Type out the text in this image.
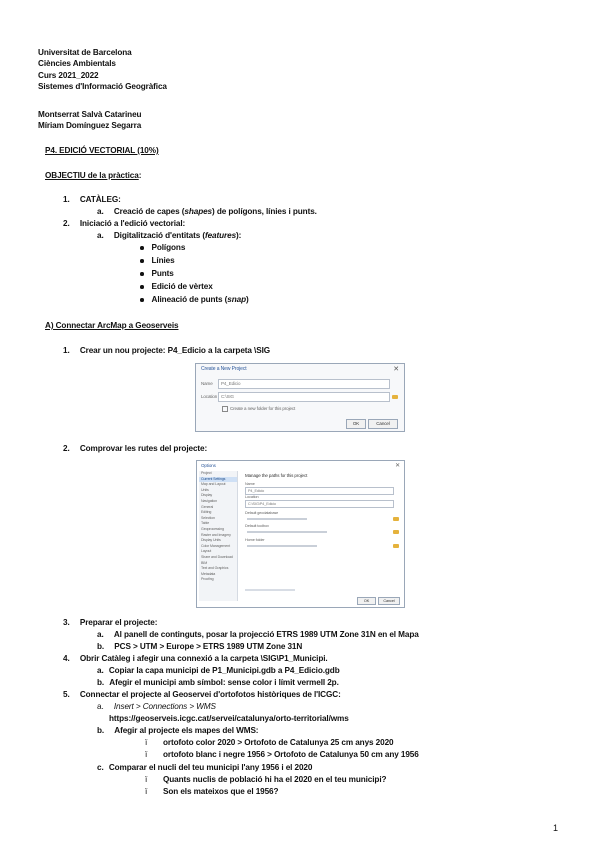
Universitat de Barcelona
Ciències Ambientals
Curs 2021_2022
Sistemes d'Informació Geogràfica
Montserrat Salvà Catarineu
Míriam Domínguez Segarra
P4. EDICIÓ VECTORIAL (10%)
OBJECTIU de la pràctica:
1. CATÀLEG:
a. Creació de capes (shapes) de polígons, línies i punts.
2. Iniciació a l'edició vectorial:
a. Digitalització d'entitats (features):
Polígons
Línies
Punts
Edició de vèrtex
Alineació de punts (snap)
A) Connectar ArcMap a Geoserveis
1. Crear un nou projecte: P4_Edicio a la carpeta \SIG
Create a New Project	✕
Name	P4_Edicio
Location C:\SIG
Create a new folder for this project
OK	Cancel
2. Comprovar les rutes del projecte:
Options	✕
Project
Current Settings
Map and Layout
Units
Display
Navigation
General
Editing
Selection
Table
Geoprocessing
Raster and Imagery
Display Units
Color Management
Layout
Share and Download
BIM
Text and Graphics
Metadata
Proofing
Manage the paths for this project
Name
P4_Edicio
Location
C:\SIG\P4_Edicio
Default geodatabase
Default toolbox
Home folder
OK	Cancel
3. Preparar el projecte:
a. Al panell de continguts, posar la projecció ETRS 1989 UTM Zone 31N en el Mapa
b. PCS > UTM > Europe > ETRS 1989 UTM Zone 31N
4. Obrir Catàleg i afegir una connexió a la carpeta \SIG\P1_Municipi.
a. Copiar la capa municipi de P1_Municipi.gdb a P4_Edicio.gdb
b. Afegir el municipi amb símbol: sense color i límit vermell 2p.
5. Connectar el projecte al Geoservei d'ortofotos històriques de l'ICGC:
a. Insert > Connections > WMS
https://geoserveis.icgc.cat/servei/catalunya/orto-territorial/wms
b. Afegir al projecte els mapes del WMS:
ï ortofoto color 2020 > Ortofoto de Catalunya 25 cm anys 2020
ï ortofoto blanc i negre 1956 > Ortofoto de Catalunya 50 cm any 1956
c. Comparar el nucli del teu municipi l'any 1956 i el 2020
ï Quants nuclis de població hi ha el 2020 en el teu municipi?
ï Son els mateixos que el 1956?
1
